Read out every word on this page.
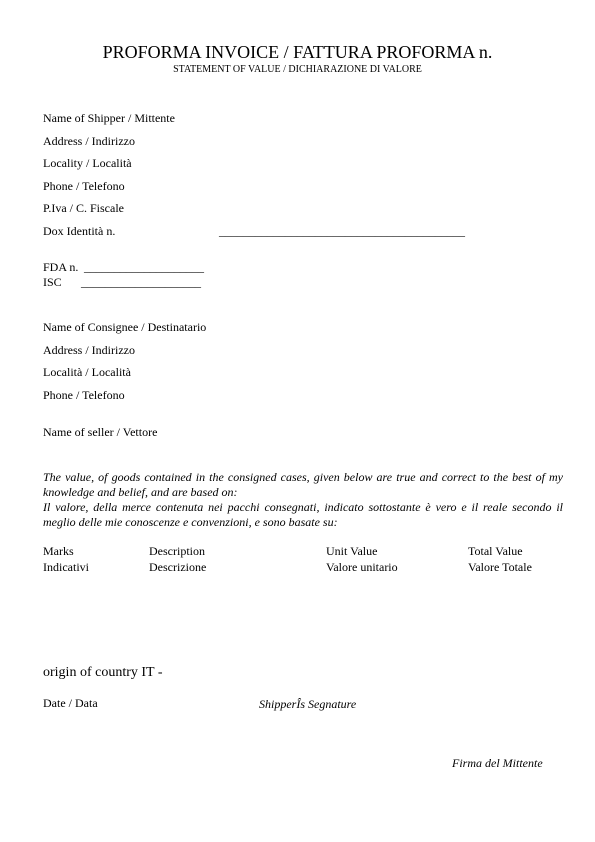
PROFORMA INVOICE / FATTURA PROFORMA n.
STATEMENT OF VALUE / DICHIARAZIONE DI VALORE
Name of Shipper / Mittente
Address / Indirizzo
Locality / Località
Phone / Telefono
P.Iva / C. Fiscale
Dox Identità n.	_________________________________________
FDA n. ____________________
ISC ____________________
Name of Consignee / Destinatario
Address / Indirizzo
Località / Località
Phone / Telefono
Name of seller / Vettore
The value, of goods contained in the consigned cases, given below are true and correct to the best of my knowledge and belief, and are based on:
Il valore, della merce contenuta nei pacchi consegnati, indicato sottostante è vero e il reale secondo il meglio delle mie conoscenze e convenzioni, e sono basate su:
Marks
Indicativi
Description
Descrizione
Unit Value
Valore unitario
Total Value
Valore Totale
origin of country IT -
Date / Data	ShipperÎs Segnature
Firma del Mittente
